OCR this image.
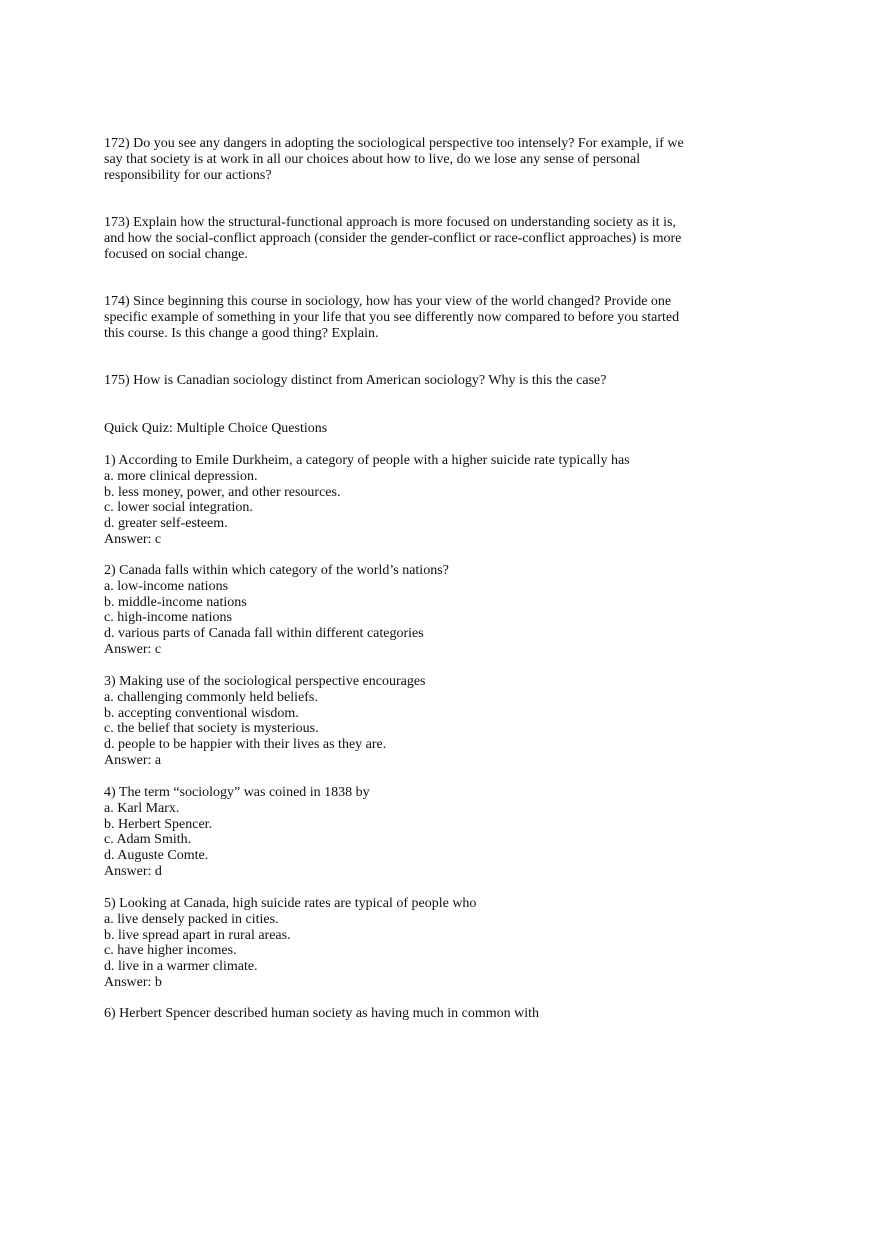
172) Do you see any dangers in adopting the sociological perspective too intensely? For example, if we
say that society is at work in all our choices about how to live, do we lose any sense of personal
responsibility for our actions?
173) Explain how the structural-functional approach is more focused on understanding society as it is,
and how the social-conflict approach (consider the gender-conflict or race-conflict approaches) is more
focused on social change.
174) Since beginning this course in sociology, how has your view of the world changed? Provide one
specific example of something in your life that you see differently now compared to before you started
this course. Is this change a good thing? Explain.
175) How is Canadian sociology distinct from American sociology? Why is this the case?
Quick Quiz: Multiple Choice Questions
1) According to Emile Durkheim, a category of people with a higher suicide rate typically has
a. more clinical depression.
b. less money, power, and other resources.
c. lower social integration.
d. greater self-esteem.
Answer: c
2) Canada falls within which category of the world’s nations?
a. low-income nations
b. middle-income nations
c. high-income nations
d. various parts of Canada fall within different categories
Answer: c
3) Making use of the sociological perspective encourages
a. challenging commonly held beliefs.
b. accepting conventional wisdom.
c. the belief that society is mysterious.
d. people to be happier with their lives as they are.
Answer: a
4) The term “sociology” was coined in 1838 by
a. Karl Marx.
b. Herbert Spencer.
c. Adam Smith.
d. Auguste Comte.
Answer: d
5) Looking at Canada, high suicide rates are typical of people who
a. live densely packed in cities.
b. live spread apart in rural areas.
c. have higher incomes.
d. live in a warmer climate.
Answer: b
6) Herbert Spencer described human society as having much in common with
